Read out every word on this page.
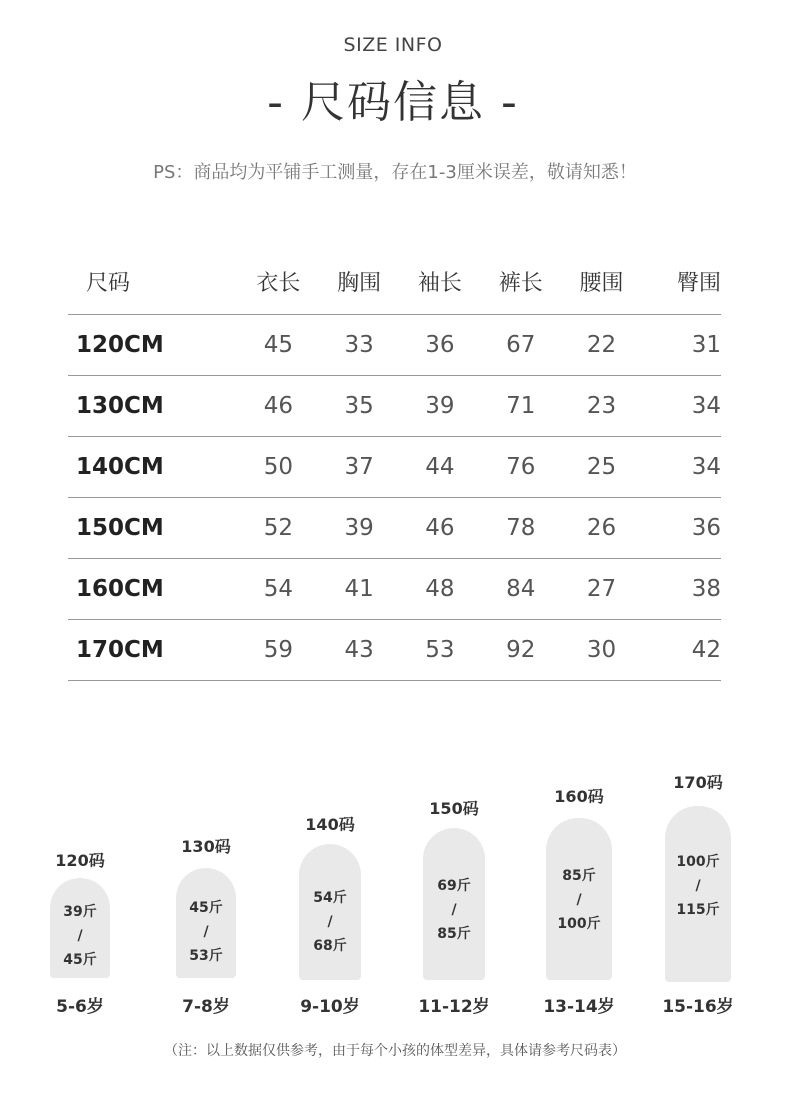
SIZE INFO
- 尺码信息 -
PS：商品均为平铺手工测量，存在1-3厘米误差，敬请知悉！
尺码	衣长	胸围	袖长	裤长	腰围	臀围
120CM	45	33	36	67	22	31
130CM	46	35	39	71	23	34
140CM	50	37	44	76	25	34
150CM	52	39	46	78	26	36
160CM	54	41	48	84	27	38
170CM	59	43	53	92	30	42
120码
39斤
/
45斤
5-6岁
130码
45斤
/
53斤
7-8岁
140码
54斤
/
68斤
9-10岁
150码
69斤
/
85斤
11-12岁
160码
85斤
/
100斤
13-14岁
170码
100斤
/
115斤
15-16岁
（注：以上数据仅供参考，由于每个小孩的体型差异，具体请参考尺码表）
